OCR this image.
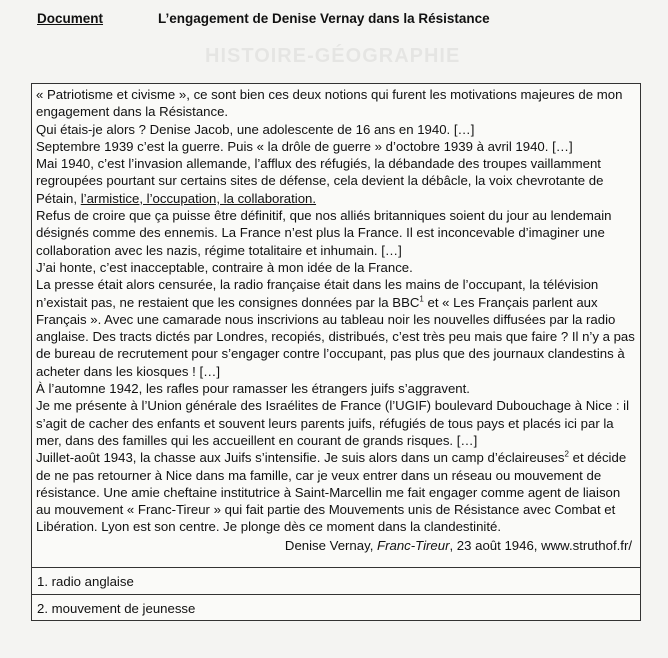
HISTOIRE-GÉOGRAPHIE
Document	L’engagement de Denise Vernay dans la Résistance

« Patriotisme et civisme », ce sont bien ces deux notions qui furent les motivations majeures de mon engagement dans la Résistance.

Qui étais-je alors ? Denise Jacob, une adolescente de 16 ans en 1940. […]

Septembre 1939 c’est la guerre. Puis « la drôle de guerre » d’octobre 1939 à avril 1940. […]

Mai 1940, c’est l’invasion allemande, l’afflux des réfugiés, la débandade des troupes vaillamment regroupées pourtant sur certains sites de défense, cela devient la débâcle, la voix chevrotante de Pétain, l’armistice, l’occupation, la collaboration.

Refus de croire que ça puisse être définitif, que nos alliés britanniques soient du jour au lendemain désignés comme des ennemis. La France n’est plus la France. Il est inconcevable d’imaginer une collaboration avec les nazis, régime totalitaire et inhumain. […]

J’ai honte, c’est inacceptable, contraire à mon idée de la France.

La presse était alors censurée, la radio française était dans les mains de l’occupant, la télévision n’existait pas, ne restaient que les consignes données par la BBC$^1$ et « Les Français parlent aux Français ». Avec une camarade nous inscrivions au tableau noir les nouvelles diffusées par la radio anglaise. Des tracts dictés par Londres, recopiés, distribués, c’est très peu mais que faire ? Il n’y a pas de bureau de recrutement pour s’engager contre l’occupant, pas plus que des journaux clandestins à acheter dans les kiosques ! […]

À l’automne 1942, les rafles pour ramasser les étrangers juifs s’aggravent.

Je me présente à l’Union générale des Israélites de France (l’UGIF) boulevard Dubouchage à Nice : il s’agit de cacher des enfants et souvent leurs parents juifs, réfugiés de tous pays et placés ici par la mer, dans des familles qui les accueillent en courant de grands risques. […]

Juillet-août 1943, la chasse aux Juifs s’intensifie. Je suis alors dans un camp d’éclaireuses$^2$ et décide de ne pas retourner à Nice dans ma famille, car je veux entrer dans un réseau ou mouvement de résistance. Une amie cheftaine institutrice à Saint-Marcellin me fait engager comme agent de liaison au mouvement « Franc-Tireur » qui fait partie des Mouvements unis de Résistance avec Combat et Libération. Lyon est son centre. Je plonge dès ce moment dans la clandestinité.

Denise Vernay, Franc-Tireur, 23 août 1946, www.struthof.fr/
1. radio anglaise
2. mouvement de jeunesse
